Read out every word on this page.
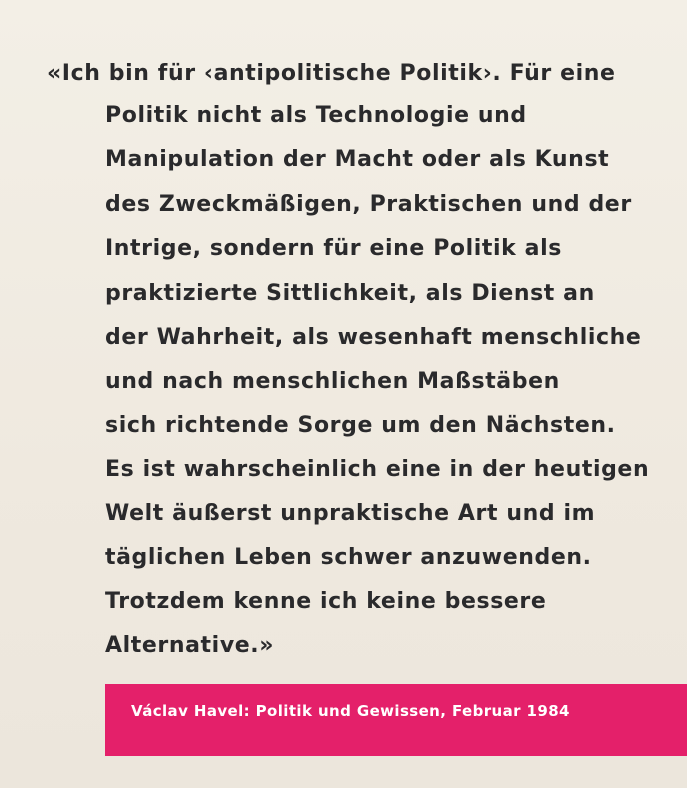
«Ich bin für ‹antipolitische Politik›. Für eine
Politik nicht als Technologie und
Manipulation der Macht oder als Kunst
des Zweckmäßigen, Praktischen und der
Intrige, sondern für eine Politik als
praktizierte Sittlichkeit, als Dienst an
der Wahrheit, als wesenhaft menschliche
und nach menschlichen Maßstäben
sich richtende Sorge um den Nächsten.
Es ist wahrscheinlich eine in der heutigen
Welt äußerst unpraktische Art und im
täglichen Leben schwer anzuwenden.
Trotzdem kenne ich keine bessere
Alternative.»
Václav Havel: Politik und Gewissen, Februar 1984
